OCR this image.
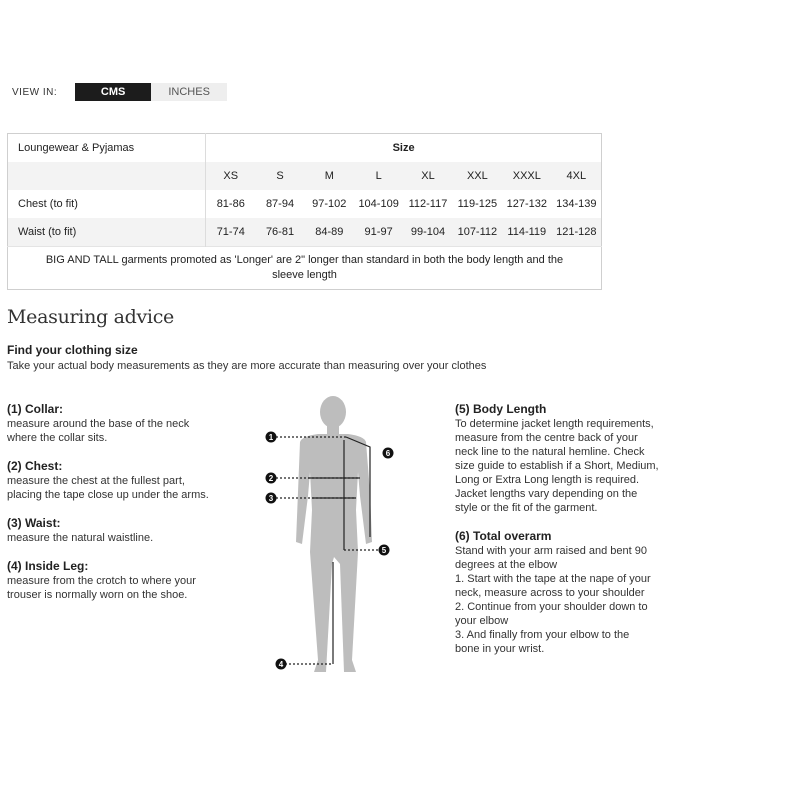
VIEW IN:	CMS	INCHES
Loungewear & Pyjamas	Size							
	XS	S	M	L	XL	XXL	XXXL	4XL
Chest (to fit)	81-86	87-94	97-102	104-109	112-117	119-125	127-132	134-139
Waist (to fit)	71-74	76-81	84-89	91-97	99-104	107-112	114-119	121-128

BIG AND TALL garments promoted as 'Longer' are 2" longer than standard in both the body length and the
sleeve length								
Measuring advice
Find your clothing size

Take your actual body measurements as they are more accurate than measuring over your clothes

(1) Collar:

measure around the base of the neck
where the collar sits.

(2) Chest:

measure the chest at the fullest part,
placing the tape close up under the arms.

(3) Waist:

measure the natural waistline.

(4) Inside Leg:

measure from the crotch to where your
trouser is normally worn on the shoe.
1
2
3
4
5
6

(5) Body Length

To determine jacket length requirements,
measure from the centre back of your
neck line to the natural hemline. Check
size guide to establish if a Short, Medium,
Long or Extra Long length is required.
Jacket lengths vary depending on the
style or the fit of the garment.

(6) Total overarm

Stand with your arm raised and bent 90
degrees at the elbow
1. Start with the tape at the nape of your
neck, measure across to your shoulder
2. Continue from your shoulder down to
your elbow
3. And finally from your elbow to the
bone in your wrist.
